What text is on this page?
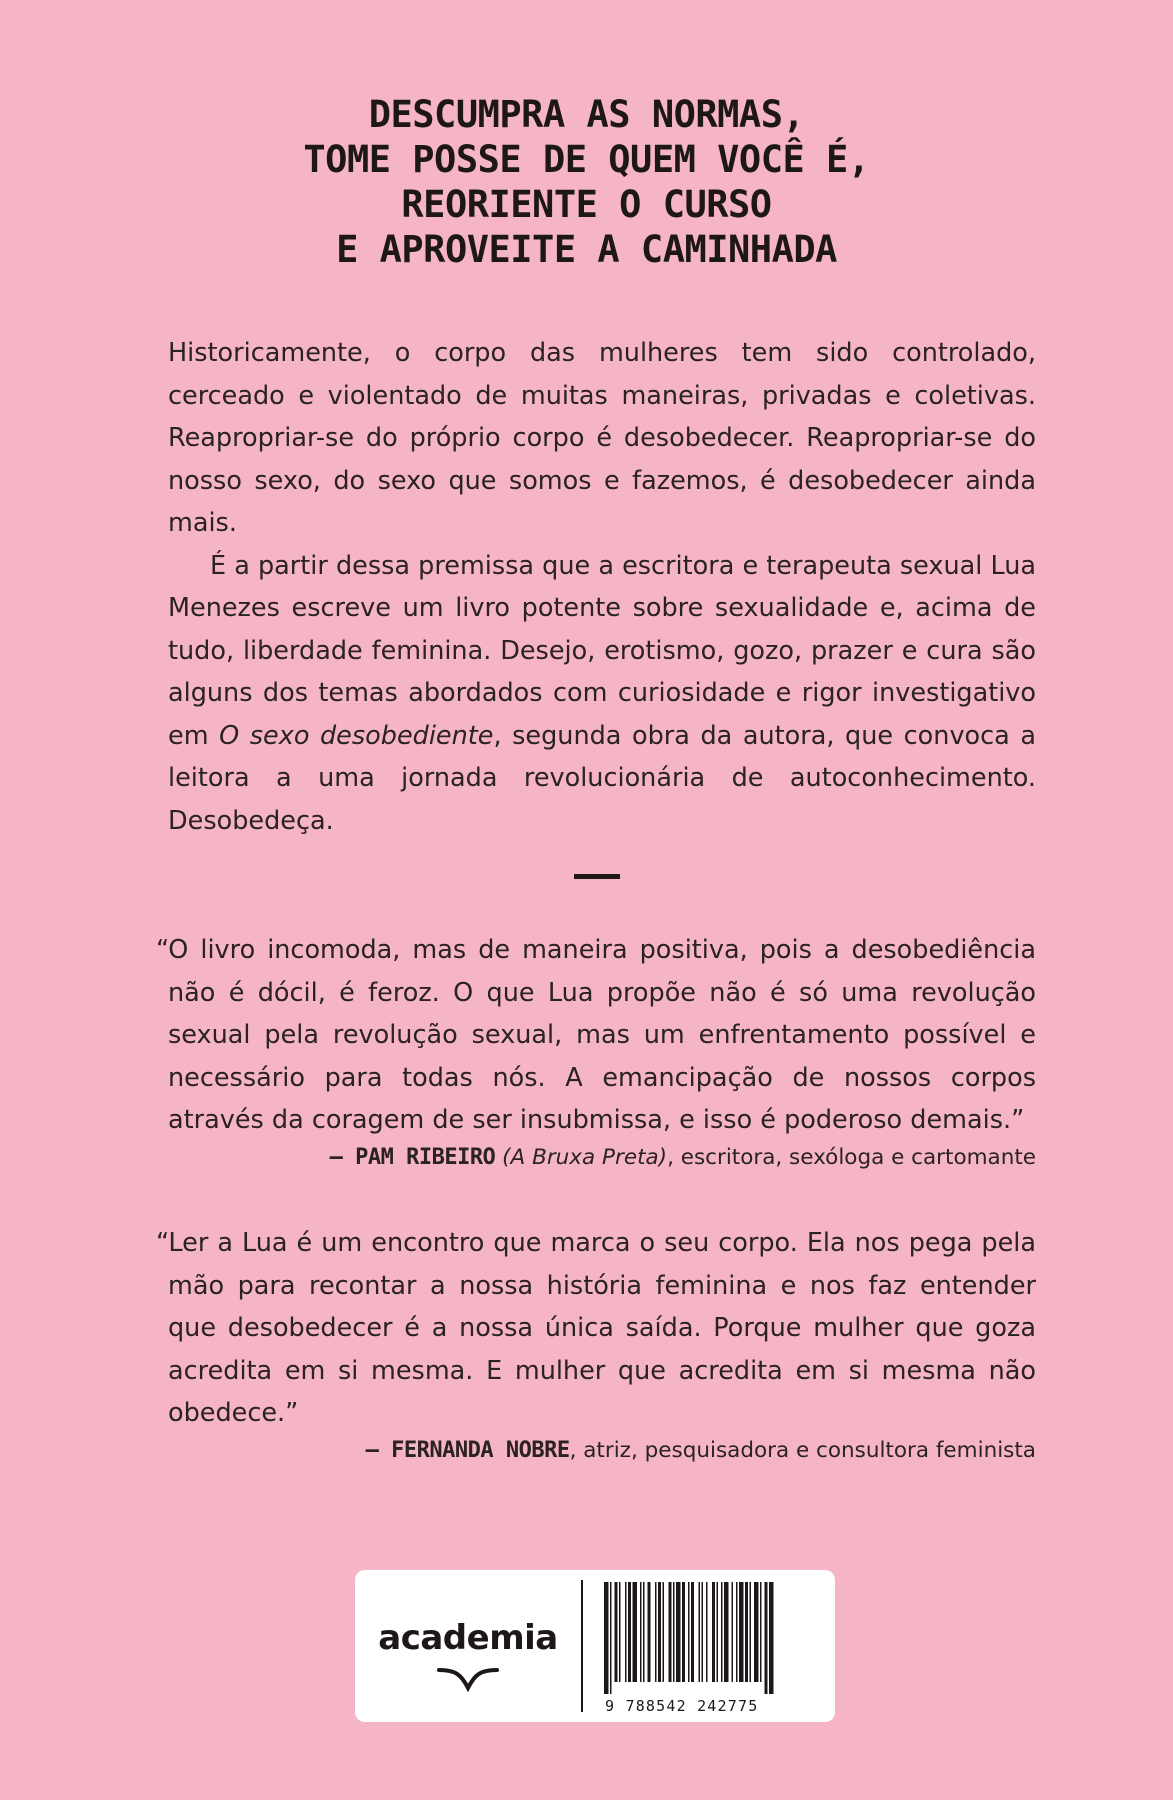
DESCUMPRA AS NORMAS,
TOME POSSE DE QUEM VOCÊ É,
REORIENTE O CURSO
E APROVEITE A CAMINHADA

Historicamente, o corpo das mulheres tem sido controlado, cerceado e violentado de muitas maneiras, privadas e coletivas. Reapropriar-se do próprio corpo é desobedecer. Reapropriar-se do nosso sexo, do sexo que somos e fazemos, é desobedecer ainda mais.

É a partir dessa premissa que a escritora e terapeuta sexual Lua Menezes escreve um livro potente sobre sexualidade e, acima de tudo, liberdade feminina. Desejo, erotismo, gozo, prazer e cura são alguns dos temas abordados com curiosidade e rigor investigativo em O sexo desobediente, segunda obra da autora, que convoca a leitora a uma jornada revolucionária de autoconhecimento. Desobedeça.

“O livro incomoda, mas de maneira positiva, pois a desobediência não é dócil, é feroz. O que Lua propõe não é só uma revolução sexual pela revolução sexual, mas um enfrentamento possível e necessário para todas nós. A emancipação de nossos corpos através da coragem de ser insubmissa, e isso é poderoso demais.”

— PAM RIBEIRO (A Bruxa Preta), escritora, sexóloga e cartomante

“Ler a Lua é um encontro que marca o seu corpo. Ela nos pega pela mão para recontar a nossa história feminina e nos faz entender que desobedecer é a nossa única saída. Porque mulher que goza acredita em si mesma. E mulher que acredita em si mesma não obedece.”

— FERNANDA NOBRE, atriz, pesquisadora e consultora feminista
academia
9 788542 242775
